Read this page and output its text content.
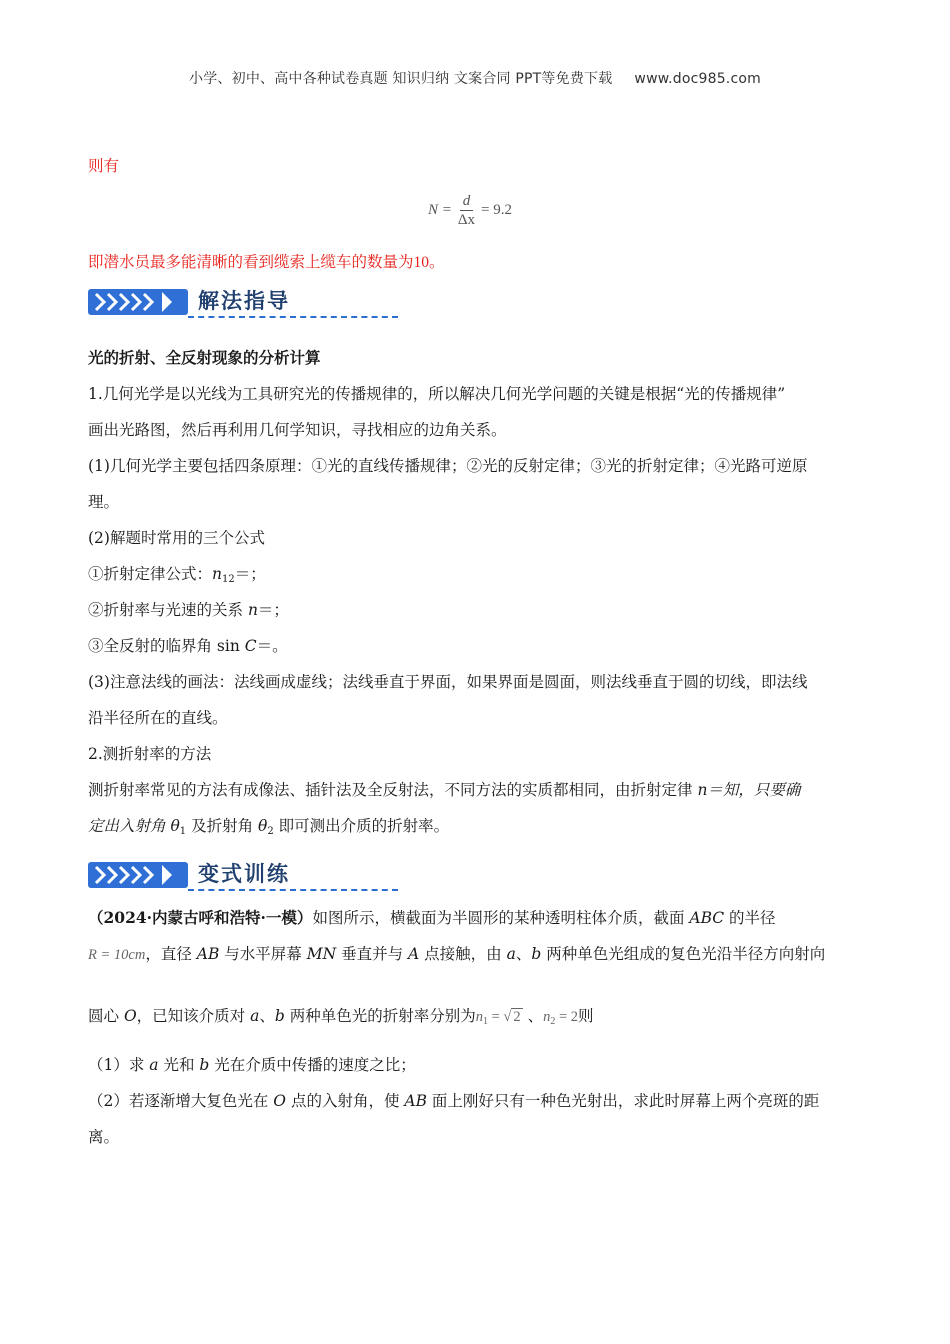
小学、初中、高中各种试卷真题 知识归纳 文案合同 PPT等免费下载 www.doc985.com
则有
$N = \frac{d}{\Delta x} = 9.2$
即潜水员最多能清晰的看到缆索上缆车的数量为10。
解法指导
光的折射、全反射现象的分析计算
1.几何光学是以光线为工具研究光的传播规律的，所以解决几何光学问题的关键是根据“光的传播规律”
画出光路图，然后再利用几何学知识，寻找相应的边角关系。
(1)几何光学主要包括四条原理：①光的直线传播规律；②光的反射定律；③光的折射定律；④光路可逆原
理。
(2)解题时常用的三个公式
①折射定律公式：$n_{12}=$；
②折射率与光速的关系 n＝；
③全反射的临界角 sin C＝。
(3)注意法线的画法：法线画成虚线；法线垂直于界面，如果界面是圆面，则法线垂直于圆的切线，即法线
沿半径所在的直线。
2.测折射率的方法
测折射率常见的方法有成像法、插针法及全反射法，不同方法的实质都相同，由折射定律 n＝知，只要确
定出入射角 $\theta_1$ 及折射角 $\theta_2$ 即可测出介质的折射率。
变式训练
（2024·内蒙古呼和浩特·一模）如图所示，横截面为半圆形的某种透明柱体介质，截面 ABC 的半径
R = 10cm，直径 AB 与水平屏幕 MN 垂直并与 A 点接触，由 a、b 两种单色光组成的复色光沿半径方向射向
圆心 O，已知该介质对 a、b 两种单色光的折射率分别为$n_1$ = √ 2 、$n_2 = 2$则
（1）求 a 光和 b 光在介质中传播的速度之比；
（2）若逐渐增大复色光在 O 点的入射角，使 AB 面上刚好只有一种色光射出，求此时屏幕上两个亮斑的距
离。
